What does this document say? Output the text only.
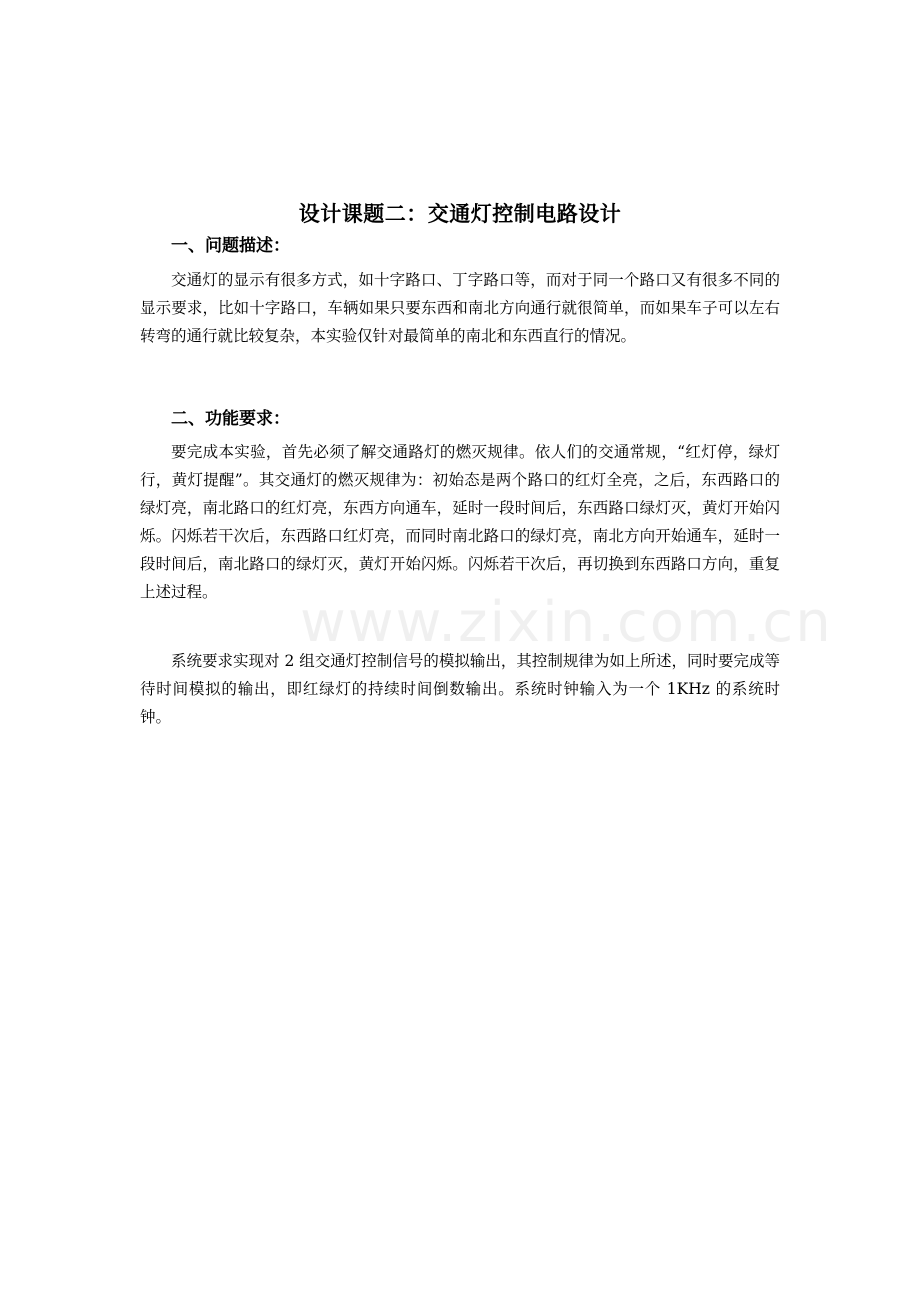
设计课题二：交通灯控制电路设计
一、问题描述：

交通灯的显示有很多方式，如十字路口、丁字路口等，而对于同一个路口又有很多不同的显示要求，比如十字路口，车辆如果只要东西和南北方向通行就很简单，而如果车子可以左右转弯的通行就比较复杂，本实验仅针对最简单的南北和东西直行的情况。

二、功能要求：

要完成本实验，首先必须了解交通路灯的燃灭规律。依人们的交通常规，“红灯停，绿灯行，黄灯提醒”。其交通灯的燃灭规律为：初始态是两个路口的红灯全亮，之后，东西路口的绿灯亮，南北路口的红灯亮，东西方向通车，延时一段时间后，东西路口绿灯灭，黄灯开始闪烁。闪烁若干次后，东西路口红灯亮，而同时南北路口的绿灯亮，南北方向开始通车，延时一段时间后，南北路口的绿灯灭，黄灯开始闪烁。闪烁若干次后，再切换到东西路口方向，重复上述过程。

系统要求实现对 2 组交通灯控制信号的模拟输出，其控制规律为如上所述，同时要完成等待时间模拟的输出，即红绿灯的持续时间倒数输出。系统时钟输入为一个 1KHz 的系统时钟。

www.zixin.com.cn
